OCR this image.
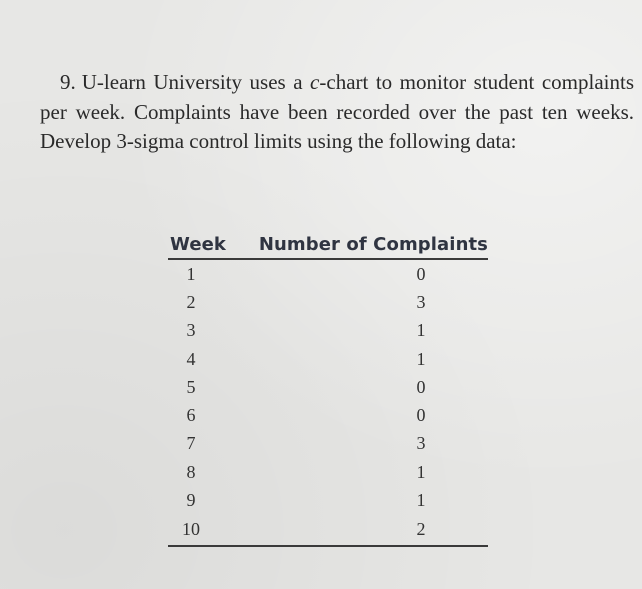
9. U-learn University uses a c-chart to monitor student complaints per week. Complaints have been recorded over the past ten weeks. Develop 3-sigma control limits using the following data:

Week	Number of Complaints
1	0
2	3
3	1
4	1
5	0
6	0
7	3
8	1
9	1
10	2
